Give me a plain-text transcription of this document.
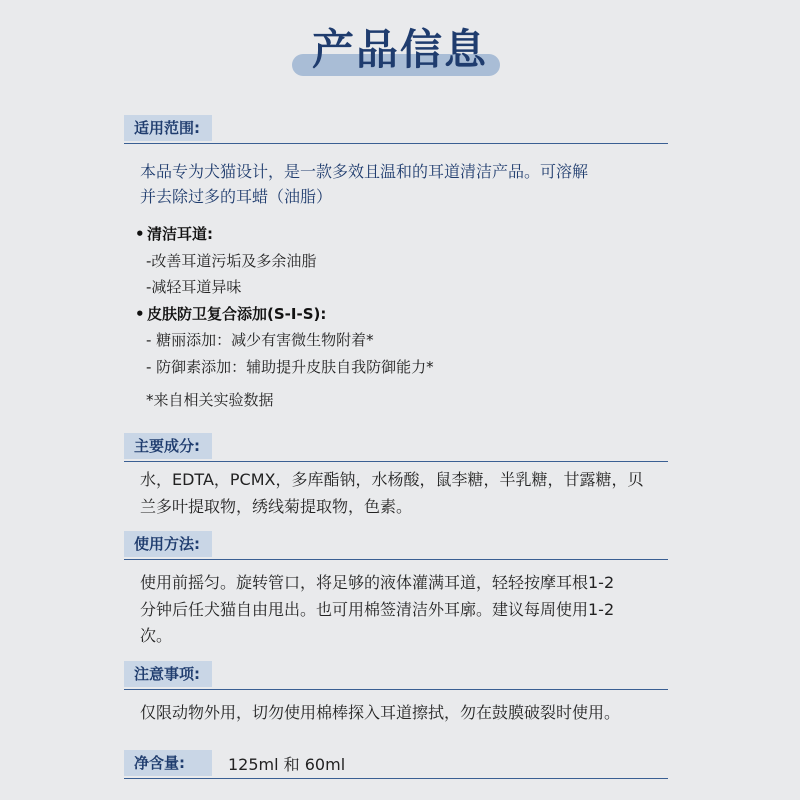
产品信息
适用范围:
本品专为犬猫设计，是一款多效且温和的耳道清洁产品。可溶解
并去除过多的耳蜡（油脂）
• 清洁耳道:
-改善耳道污垢及多余油脂
-减轻耳道异味
• 皮肤防卫复合添加(S-I-S):
- 糖丽添加：减少有害微生物附着*
- 防御素添加：辅助提升皮肤自我防御能力*
*来自相关实验数据
主要成分:
水，EDTA，PCMX，多库酯钠，水杨酸，鼠李糖，半乳糖，甘露糖，贝
兰多叶提取物，绣线菊提取物，色素。
使用方法:
使用前摇匀。旋转管口，将足够的液体灌满耳道，轻轻按摩耳根1-2
分钟后任犬猫自由甩出。也可用棉签清洁外耳廓。建议每周使用1-2
次。
注意事项:
仅限动物外用，切勿使用棉棒探入耳道擦拭，勿在鼓膜破裂时使用。
净含量:	125ml 和 60ml
